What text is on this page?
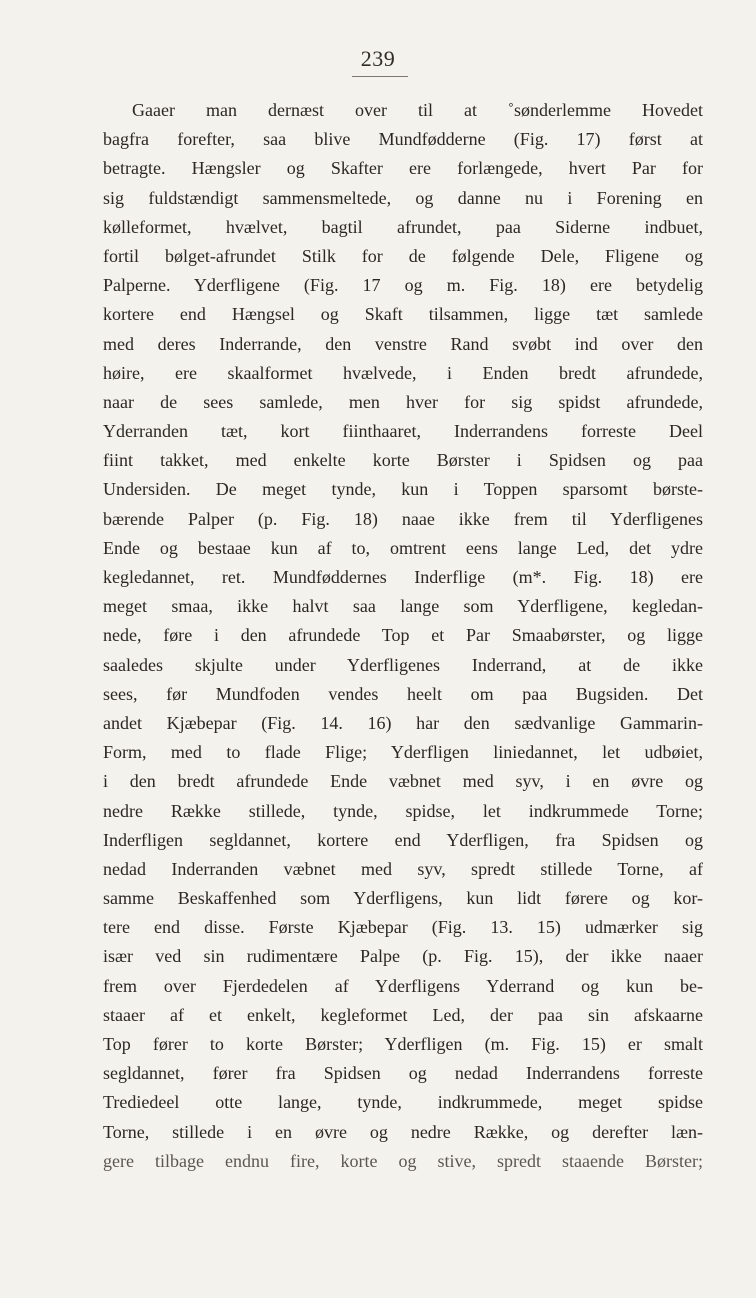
239
Gaaer man dernæst over til at ˚sønderlemme Hovedet
bagfra forefter, saa blive Mundfødderne (Fig. 17) først at
betragte. Hængsler og Skafter ere forlængede, hvert Par for
sig fuldstændigt sammensmeltede, og danne nu i Forening en
kølleformet, hvælvet, bagtil afrundet, paa Siderne indbuet,
fortil bølget-afrundet Stilk for de følgende Dele, Fligene og
Palperne. Yderfligene (Fig. 17 og m. Fig. 18) ere betydelig
kortere end Hængsel og Skaft tilsammen, ligge tæt samlede
med deres Inderrande, den venstre Rand svøbt ind over den
høire, ere skaalformet hvælvede, i Enden bredt afrundede,
naar de sees samlede, men hver for sig spidst afrundede,
Yderranden tæt, kort fiinthaaret, Inderrandens forreste Deel
fiint takket, med enkelte korte Børster i Spidsen og paa
Undersiden. De meget tynde, kun i Toppen sparsomt børste-
bærende Palper (p. Fig. 18) naae ikke frem til Yderfligenes
Ende og bestaae kun af to, omtrent eens lange Led, det ydre
kegledannet, ret. Mundføddernes Inderflige (m*. Fig. 18) ere
meget smaa, ikke halvt saa lange som Yderfligene, kegledan-
nede, føre i den afrundede Top et Par Smaabørster, og ligge
saaledes skjulte under Yderfligenes Inderrand, at de ikke
sees, før Mundfoden vendes heelt om paa Bugsiden. Det
andet Kjæbepar (Fig. 14. 16) har den sædvanlige Gammarin-
Form, med to flade Flige; Yderfligen liniedannet, let udbøiet,
i den bredt afrundede Ende væbnet med syv, i en øvre og
nedre Række stillede, tynde, spidse, let indkrummede Torne;
Inderfligen segldannet, kortere end Yderfligen, fra Spidsen og
nedad Inderranden væbnet med syv, spredt stillede Torne, af
samme Beskaffenhed som Yderfligens, kun lidt førere og kor-
tere end disse. Første Kjæbepar (Fig. 13. 15) udmærker sig
især ved sin rudimentære Palpe (p. Fig. 15), der ikke naaer
frem over Fjerdedelen af Yderfligens Yderrand og kun be-
staaer af et enkelt, kegleformet Led, der paa sin afskaarne
Top fører to korte Børster; Yderfligen (m. Fig. 15) er smalt
segldannet, fører fra Spidsen og nedad Inderrandens forreste
Trediedeel otte lange, tynde, indkrummede, meget spidse
Torne, stillede i en øvre og nedre Række, og derefter læn-
gere tilbage endnu fire, korte og stive, spredt staaende Børster;
